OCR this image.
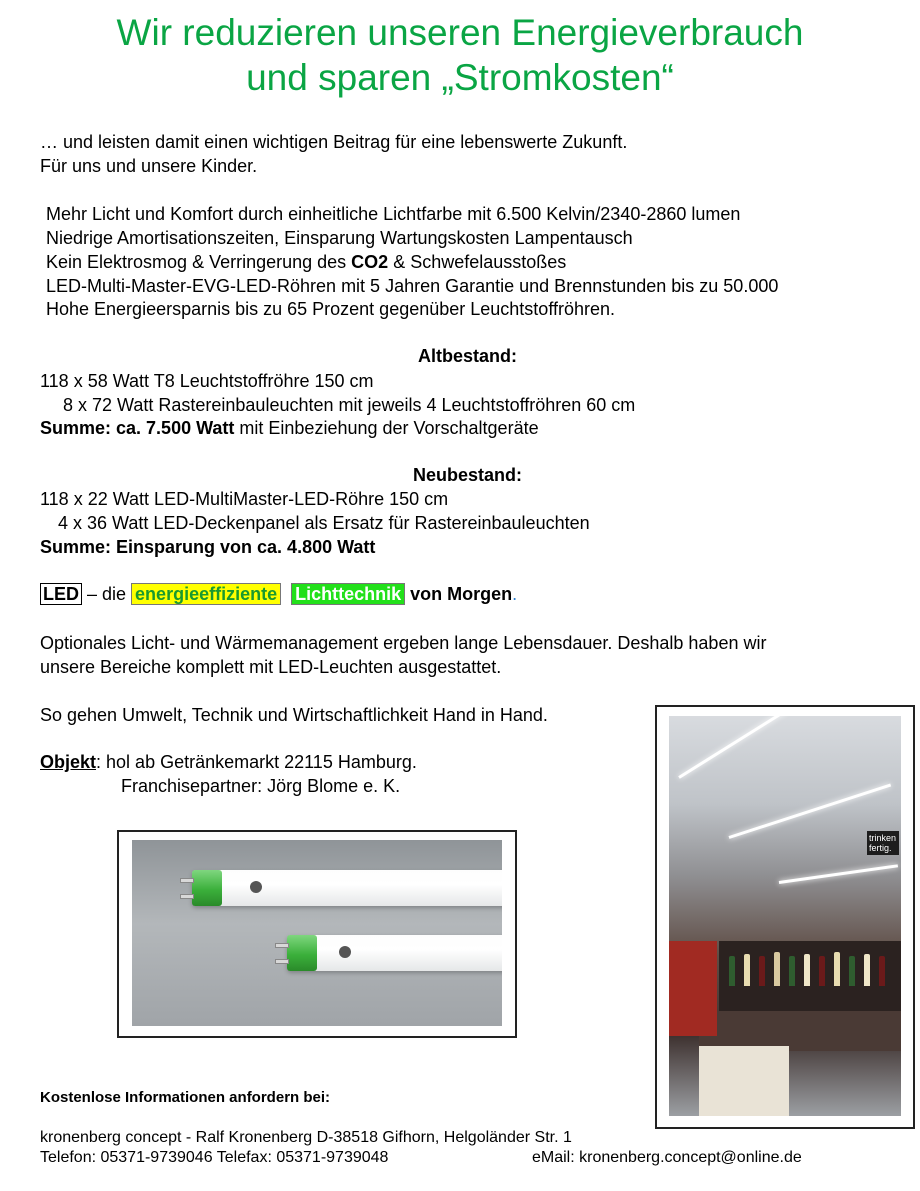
Wir reduzieren unseren Energieverbrauch
und sparen „Stromkosten“
… und leisten damit einen wichtigen Beitrag für eine lebenswerte Zukunft.
Für uns und unsere Kinder.
Mehr Licht und Komfort durch einheitliche Lichtfarbe mit 6.500 Kelvin/2340-2860 lumen
Niedrige Amortisationszeiten, Einsparung Wartungskosten Lampentausch
Kein Elektrosmog & Verringerung des CO2 & Schwefelausstoßes
LED-Multi-Master-EVG-LED-Röhren mit 5 Jahren Garantie und Brennstunden bis zu 50.000
Hohe Energieersparnis bis zu 65 Prozent gegenüber Leuchtstoffröhren.
Altbestand:
118 x 58 Watt T8 Leuchtstoffröhre 150 cm
8 x 72 Watt Rastereinbauleuchten mit jeweils 4 Leuchtstoffröhren 60 cm
Summe: ca. 7.500 Watt mit Einbeziehung der Vorschaltgeräte
Neubestand:
118 x 22 Watt LED-MultiMaster-LED-Röhre 150 cm
4 x 36 Watt LED-Deckenpanel als Ersatz für Rastereinbauleuchten
Summe: Einsparung von ca. 4.800 Watt
LED – die energieeffiziente Lichttechnik von Morgen.
Optionales Licht- und Wärmemanagement ergeben lange Lebensdauer. Deshalb haben wir
unsere Bereiche komplett mit LED-Leuchten ausgestattet.
So gehen Umwelt, Technik und Wirtschaftlichkeit Hand in Hand.
Objekt: hol ab Getränkemarkt 22115 Hamburg.
Franchisepartner: Jörg Blome e. K.
trinken
fertig.
Kostenlose Informationen anfordern bei:
kronenberg concept - Ralf Kronenberg D-38518 Gifhorn, Helgoländer Str. 1
Telefon: 05371-9739046 Telefax: 05371-9739048	eMail: kronenberg.concept@online.de
